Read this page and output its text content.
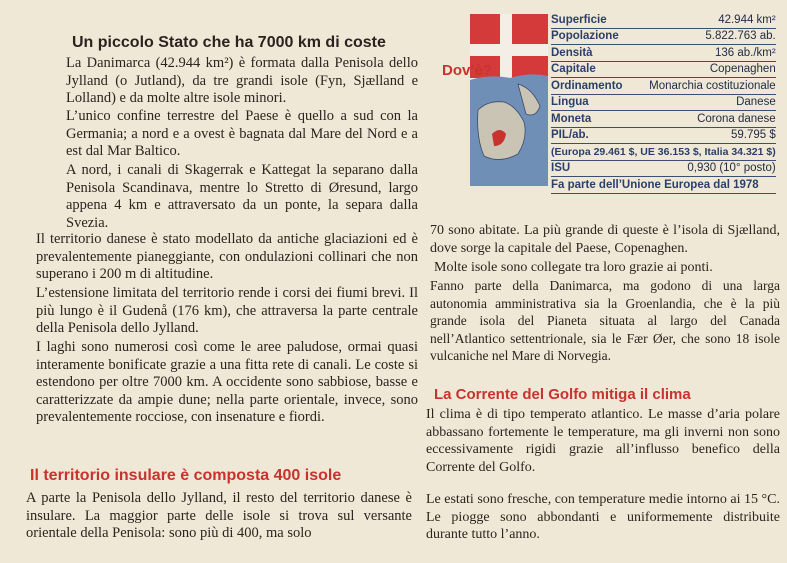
Un piccolo Stato che ha 7000 km di coste
La Danimarca (42.944 km²) è formata dalla Penisola dello Jylland (o Jutland), da tre grandi isole (Fyn, Sjælland e Lolland) e da molte altre isole minori.
L’unico confine terrestre del Paese è quello a sud con la Germania; a nord e a ovest è bagnata dal Mare del Nord e a est dal Mar Baltico.
A nord, i canali di Skagerrak e Kattegat la separano dalla Penisola Scandinava, mentre lo Stretto di Øresund, largo appena 4 km e attraversato da un ponte, la separa dalla Svezia.
Il territorio danese è stato modellato da antiche glaciazioni ed è prevalentemente pianeggiante, con ondulazioni collinari che non superano i 200 m di altitudine.
L’estensione limitata del territorio rende i corsi dei fiumi brevi. Il più lungo è il Gudenå (176 km), che attraversa la parte centrale della Penisola dello Jylland.
I laghi sono numerosi così come le aree paludose, ormai quasi interamente bonificate grazie a una fitta rete di canali. Le coste si estendono per oltre 7000 km. A occidente sono sabbiose, basse e caratterizzate da ampie dune; nella parte orientale, invece, sono prevalentemente rocciose, con insenature e fiordi.
Il territorio insulare è composta 400 isole
A parte la Penisola dello Jylland, il resto del territorio danese è insulare. La maggior parte delle isole si trova sul versante orientale della Penisola: sono più di 400, ma solo
70 sono abitate. La più grande di queste è l’isola di Sjælland, dove sorge la capitale del Paese, Copenaghen.
Molte isole sono collegate tra loro grazie ai ponti.
Fanno parte della Danimarca, ma godono di una larga autonomia amministrativa sia la Groenlandia, che è la più grande isola del Pianeta situata al largo del Canada nell’Atlantico settentrionale, sia le Fær Øer, che sono 18 isole vulcaniche nel Mare di Norvegia.
La Corrente del Golfo mitiga il clima
Il clima è di tipo temperato atlantico. Le masse d’aria polare abbassano fortemente le temperature, ma gli inverni non sono eccessivamente rigidi grazie all’influsso benefico della Corrente del Golfo.
Le estati sono fresche, con temperature medie intorno ai 15 °C. Le piogge sono abbondanti e uniformemente distribuite durante tutto l’anno.
Dov’è?
Superficie	42.944 km²
Popolazione	5.822.763 ab.
Densità	136 ab./km²
Capitale	Copenaghen
Ordinamento	Monarchia costituzionale
Lingua	Danese
Moneta	Corona danese
PIL/ab.	59.795 $
(Europa 29.461 $, UE 36.153 $, Italia 34.321 $)	
ISU	0,930 (10° posto)
Fa parte dell’Unione Europea dal 1978	
